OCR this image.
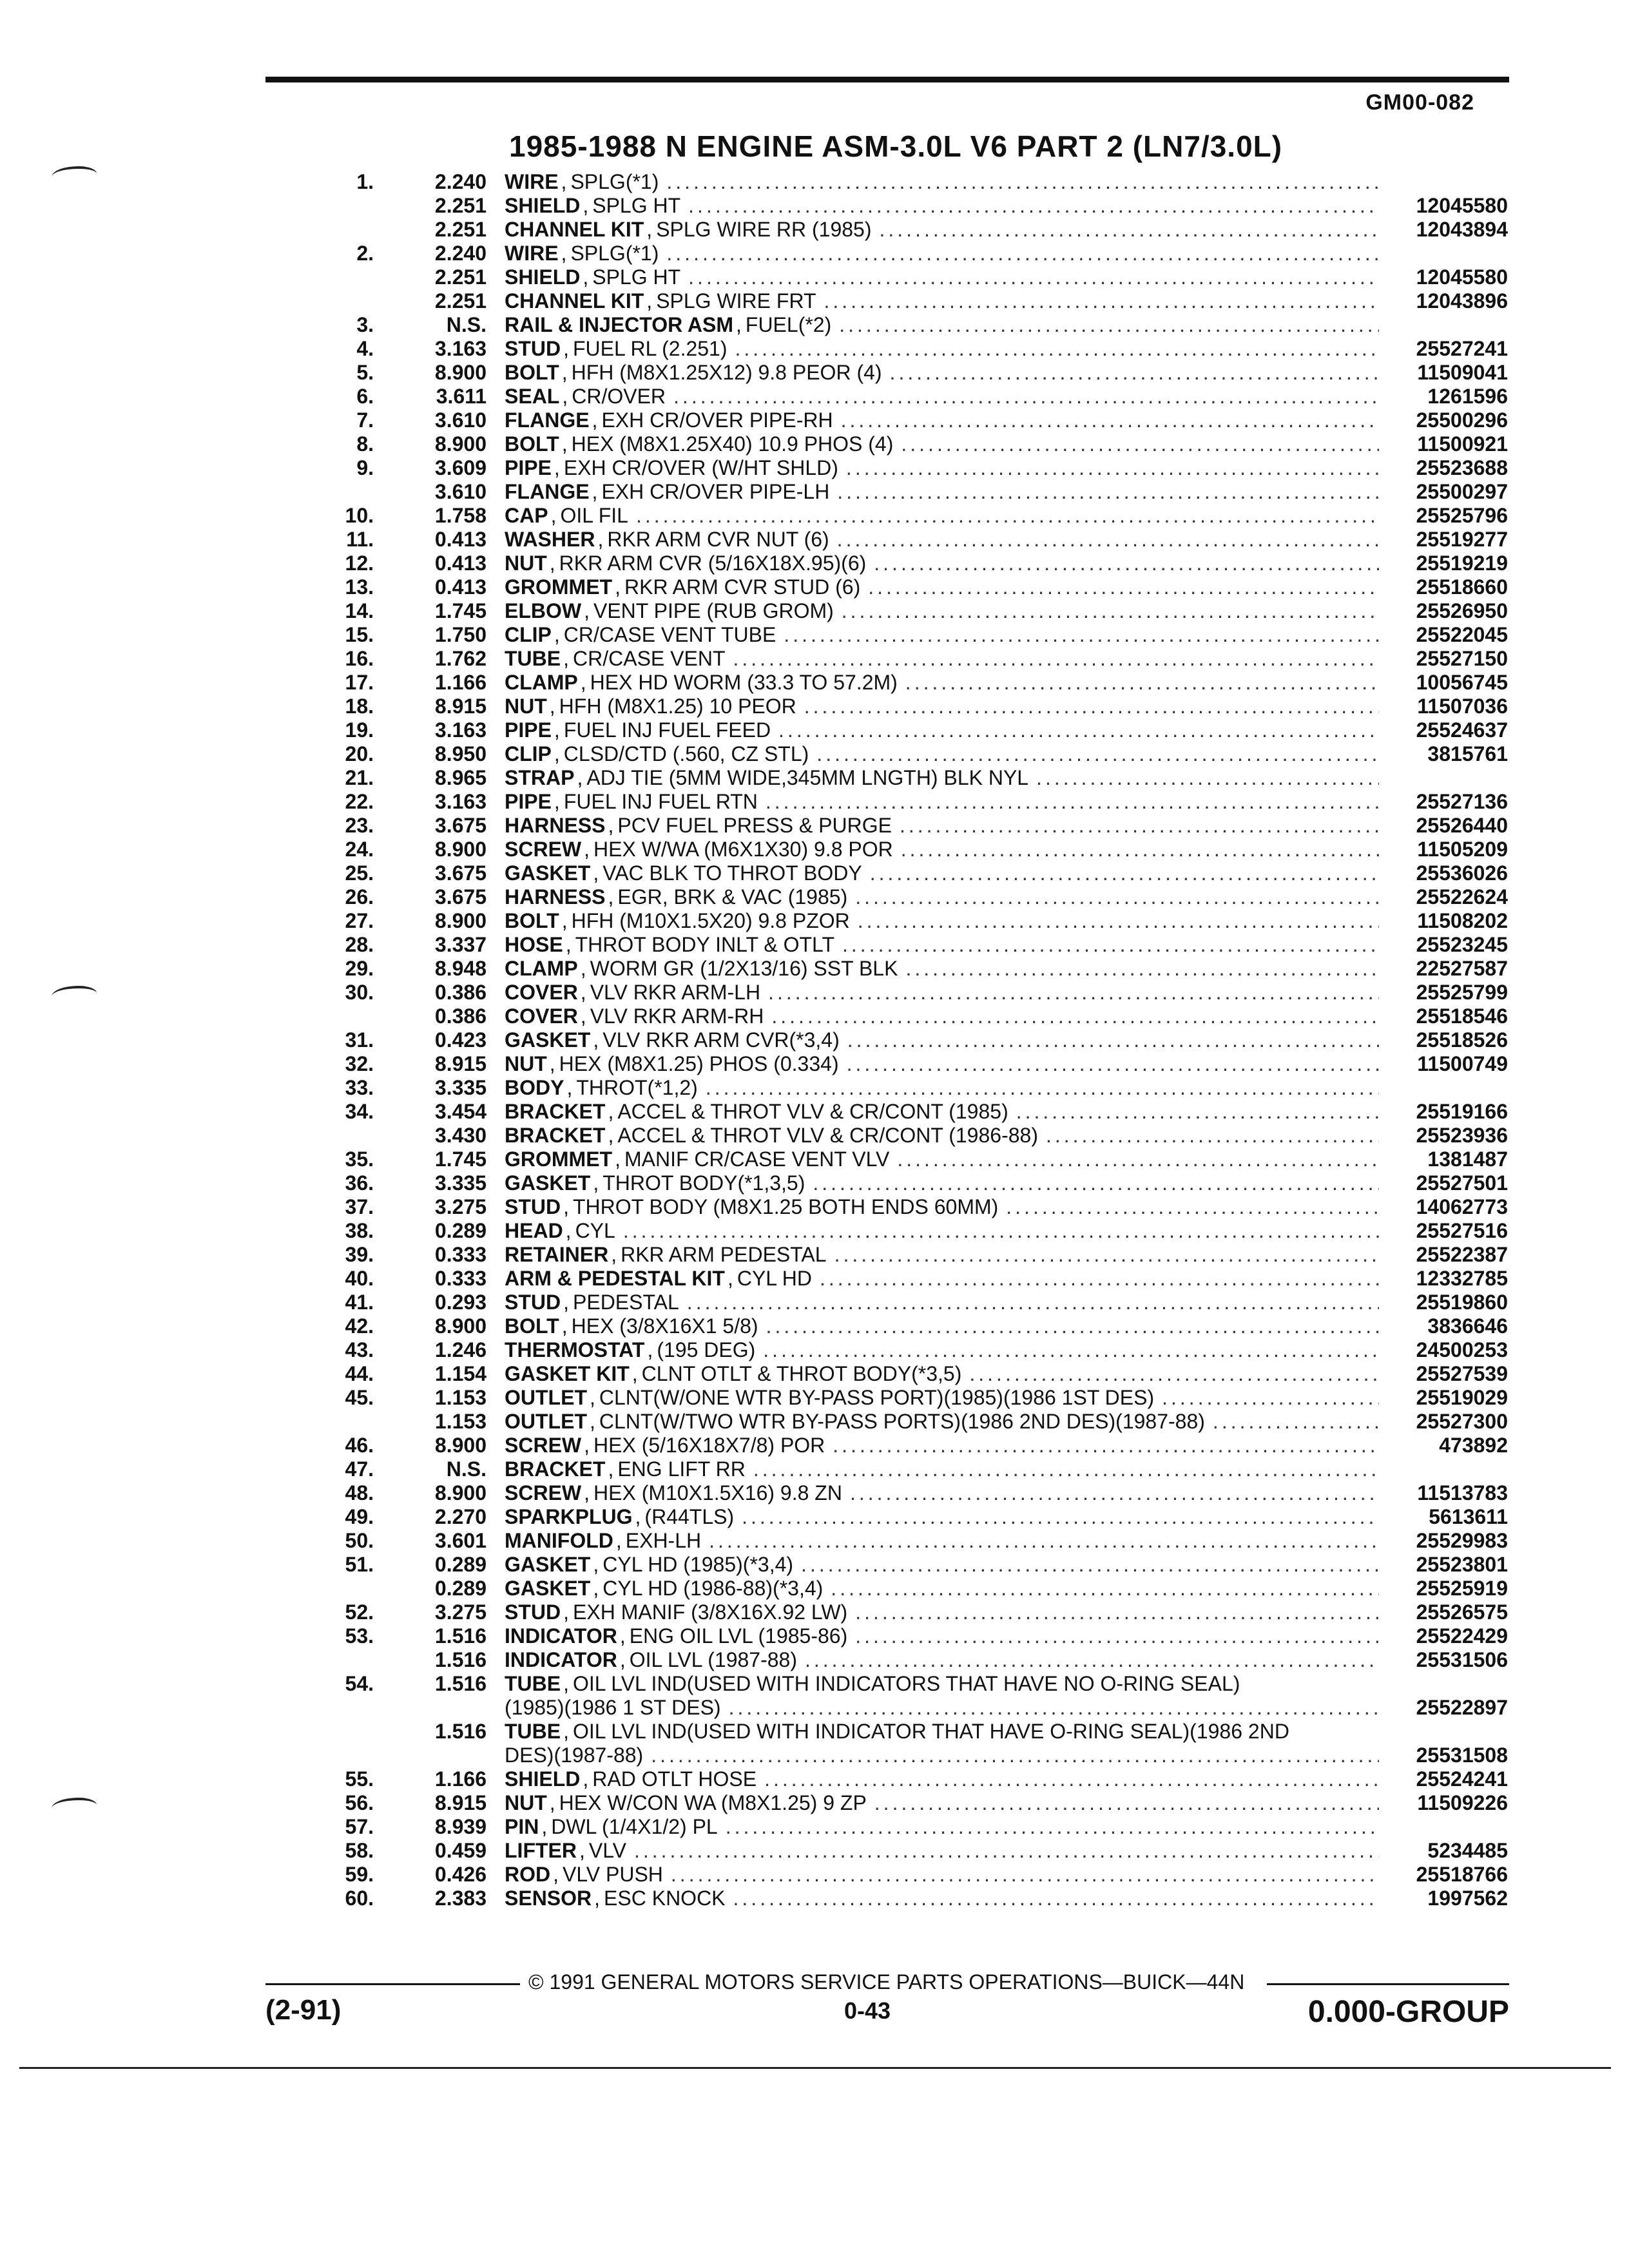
GM00-082
1985-1988 N ENGINE ASM-3.0L V6 PART 2 (LN7/3.0L)
1.	2.240 WIRE , SPLG(*1)
.....
2.251 SHIELD , SPLG HT .....	12045580
2.251 CHANNEL KIT , SPLG WIRE RR (1985) .....	12043894
2.	2.240 WIRE , SPLG(*1)
.....
2.251 SHIELD , SPLG HT .....	12045580
2.251 CHANNEL KIT , SPLG WIRE FRT .....	12043896
3.	N.S. RAIL & INJECTOR ASM , FUEL(*2)
.....
4.	3.163 STUD , FUEL RL (2.251) .....	25527241
5.	8.900 BOLT , HFH (M8X1.25X12) 9.8 PEOR (4) .....	11509041
6.	3.611 SEAL , CR/OVER .....	1261596
7.	3.610 FLANGE , EXH CR/OVER PIPE-RH .....	25500296
8.	8.900 BOLT , HEX (M8X1.25X40) 10.9 PHOS (4) .....	11500921
9.	3.609 PIPE , EXH CR/OVER (W/HT SHLD) .....	25523688
3.610 FLANGE , EXH CR/OVER PIPE-LH .....	25500297
10.	1.758 CAP , OIL FIL .....	25525796
11.	0.413 WASHER , RKR ARM CVR NUT (6) .....	25519277
12.	0.413 NUT , RKR ARM CVR (5/16X18X.95)(6) .....	25519219
13.	0.413 GROMMET , RKR ARM CVR STUD (6) .....	25518660
14.	1.745 ELBOW , VENT PIPE (RUB GROM) .....	25526950
15.	1.750 CLIP , CR/CASE VENT TUBE .....	25522045
16.	1.762 TUBE , CR/CASE VENT .....	25527150
17.	1.166 CLAMP , HEX HD WORM (33.3 TO 57.2M) .....	10056745
18.	8.915 NUT , HFH (M8X1.25) 10 PEOR .....	11507036
19.	3.163 PIPE , FUEL INJ FUEL FEED .....	25524637
20.	8.950 CLIP , CLSD/CTD (.560, CZ STL) .....	3815761
21.	8.965 STRAP , ADJ TIE (5MM WIDE,345MM LNGTH) BLK NYL
.....
22.	3.163 PIPE , FUEL INJ FUEL RTN .....	25527136
23.	3.675 HARNESS , PCV FUEL PRESS & PURGE .....	25526440
24.	8.900 SCREW , HEX W/WA (M6X1X30) 9.8 POR .....	11505209
25.	3.675 GASKET , VAC BLK TO THROT BODY .....	25536026
26.	3.675 HARNESS , EGR, BRK & VAC (1985) .....	25522624
27.	8.900 BOLT , HFH (M10X1.5X20) 9.8 PZOR .....	11508202
28.	3.337 HOSE , THROT BODY INLT & OTLT .....	25523245
29.	8.948 CLAMP , WORM GR (1/2X13/16) SST BLK .....	22527587
30.	0.386 COVER , VLV RKR ARM-LH .....	25525799
0.386 COVER , VLV RKR ARM-RH .....	25518546
31.	0.423 GASKET , VLV RKR ARM CVR(*3,4) .....	25518526
32.	8.915 NUT , HEX (M8X1.25) PHOS (0.334) .....	11500749
33.	3.335 BODY , THROT(*1,2)
.....
34.	3.454 BRACKET , ACCEL & THROT VLV & CR/CONT (1985) .....	25519166
3.430 BRACKET , ACCEL & THROT VLV & CR/CONT (1986-88) .....	25523936
35.	1.745 GROMMET , MANIF CR/CASE VENT VLV .....	1381487
36.	3.335 GASKET , THROT BODY(*1,3,5) .....	25527501
37.	3.275 STUD , THROT BODY (M8X1.25 BOTH ENDS 60MM) .....	14062773
38.	0.289 HEAD , CYL .....	25527516
39.	0.333 RETAINER , RKR ARM PEDESTAL .....	25522387
40.	0.333 ARM & PEDESTAL KIT , CYL HD .....	12332785
41.	0.293 STUD , PEDESTAL .....	25519860
42.	8.900 BOLT , HEX (3/8X16X1 5/8) .....	3836646
43.	1.246 THERMOSTAT , (195 DEG) .....	24500253
44.	1.154 GASKET KIT , CLNT OTLT & THROT BODY(*3,5) .....	25527539
45.	1.153 OUTLET , CLNT(W/ONE WTR BY-PASS PORT)(1985)(1986 1ST DES) .....	25519029
1.153 OUTLET , CLNT(W/TWO WTR BY-PASS PORTS)(1986 2ND DES)(1987-88) .....	25527300
46.	8.900 SCREW , HEX (5/16X18X7/8) POR .....	473892
47.	N.S. BRACKET , ENG LIFT RR
.....
48.	8.900 SCREW , HEX (M10X1.5X16) 9.8 ZN .....	11513783
49.	2.270 SPARKPLUG , (R44TLS) .....	5613611
50.	3.601 MANIFOLD , EXH-LH .....	25529983
51.	0.289 GASKET , CYL HD (1985)(*3,4) .....	25523801
0.289 GASKET , CYL HD (1986-88)(*3,4) .....	25525919
52.	3.275 STUD , EXH MANIF (3/8X16X.92 LW) .....	25526575
53.	1.516 INDICATOR , ENG OIL LVL (1985-86) .....	25522429
1.516 INDICATOR , OIL LVL (1987-88) .....	25531506
54.	1.516 TUBE , OIL LVL IND(USED WITH INDICATORS THAT HAVE NO O-RING SEAL)
(1985)(1986 1 ST DES) .....	25522897
1.516 TUBE , OIL LVL IND(USED WITH INDICATOR THAT HAVE O-RING SEAL)(1986 2ND
DES)(1987-88) .....	25531508
55.	1.166 SHIELD , RAD OTLT HOSE .....	25524241
56.	8.915 NUT , HEX W/CON WA (M8X1.25) 9 ZP .....	11509226
57.	8.939 PIN , DWL (1/4X1/2) PL
.....
58.	0.459 LIFTER , VLV .....	5234485
59.	0.426 ROD , VLV PUSH .....	25518766
60.	2.383 SENSOR , ESC KNOCK .....	1997562
© 1991 GENERAL MOTORS SERVICE PARTS OPERATIONS—BUICK—44N
(2-91)	0-43	0.000-GROUP
